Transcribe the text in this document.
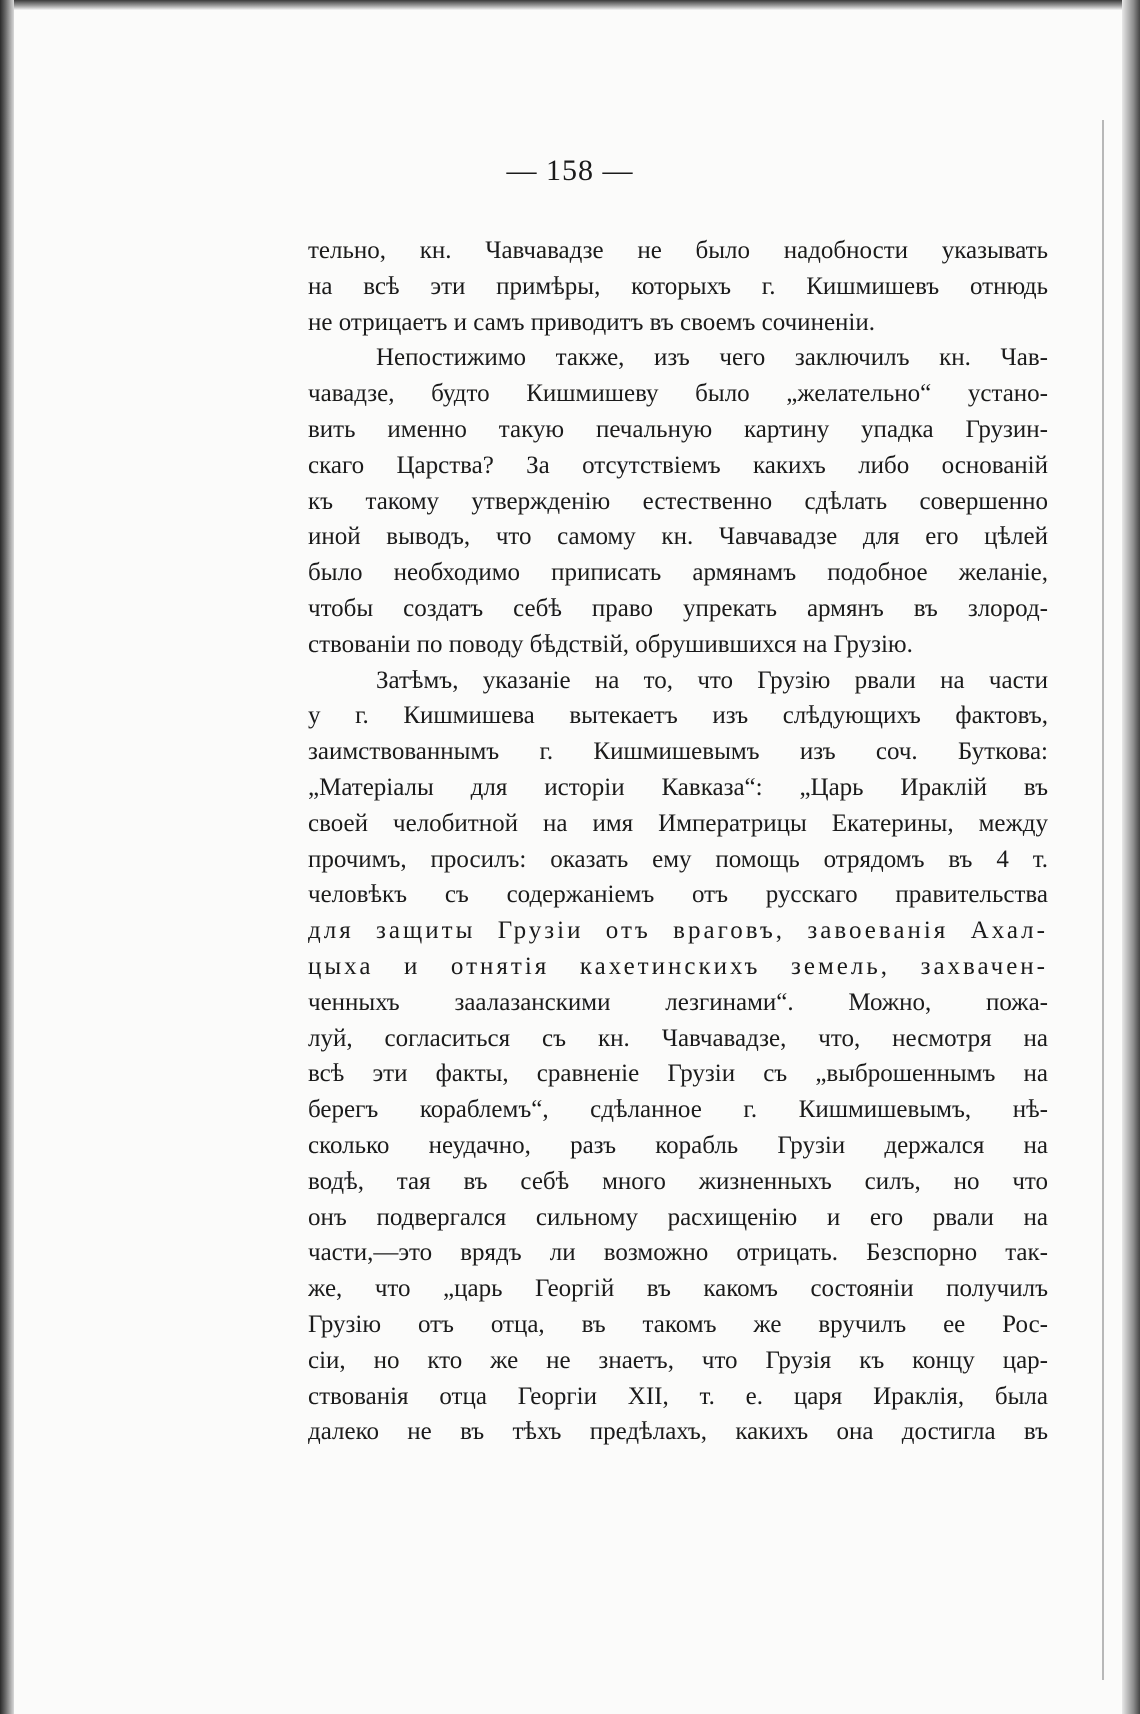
— 158 —
тельно, кн. Чавчавадзе не было надобности указывать
на всѣ эти примѣры, которыхъ г. Кишмишевъ отнюдь
не отрицаетъ и самъ приводитъ въ своемъ сочиненіи.
Непостижимо также, изъ чего заключилъ кн. Чав-
чавадзе, будто Кишмишеву было „желательно“ устано-
вить именно такую печальную картину упадка Грузин-
скаго Царства? За отсутствіемъ какихъ либо основаній
къ такому утвержденію естественно сдѣлать совершенно
иной выводъ, что самому кн. Чавчавадзе для его цѣлей
было необходимо приписать армянамъ подобное желаніе,
чтобы создатъ себѣ право упрекать армянъ въ злород-
ствованіи по поводу бѣдствій, обрушившихся на Грузію.
Затѣмъ, указаніе на то, что Грузію рвали на части
у г. Кишмишева вытекаетъ изъ слѣдующихъ фактовъ,
заимствованнымъ г. Кишмишевымъ изъ соч. Буткова:
„Матеріалы для исторіи Кавказа“: „Царь Ираклій въ
своей челобитной на имя Императрицы Екатерины, между
прочимъ, просилъ: оказать ему помощь отрядомъ въ 4 т.
человѣкъ съ содержаніемъ отъ русскаго правительства
для защиты Грузіи отъ враговъ, завоеванія Ахал-
цыха и отнятія кахетинскихъ земель, захвачен-
ченныхъ заалазанскими лезгинами“. Можно, пожа-
луй, согласиться съ кн. Чавчавадзе, что, несмотря на
всѣ эти факты, сравненіе Грузіи съ „выброшеннымъ на
берегъ кораблемъ“, сдѣланное г. Кишмишевымъ, нѣ-
сколько неудачно, разъ корабль Грузіи держался на
водѣ, тая въ себѣ много жизненныхъ силъ, но что
онъ подвергался сильному расхищенію и его рвали на
части,—это врядъ ли возможно отрицать. Безспорно так-
же, что „царь Георгій въ какомъ состояніи получилъ
Грузію отъ отца, въ такомъ же вручилъ ее Рос-
сіи, но кто же не знаетъ, что Грузія къ концу цар-
ствованія отца Георгіи XII, т. е. царя Ираклія, была
далеко не въ тѣхъ предѣлахъ, какихъ она достигла въ
